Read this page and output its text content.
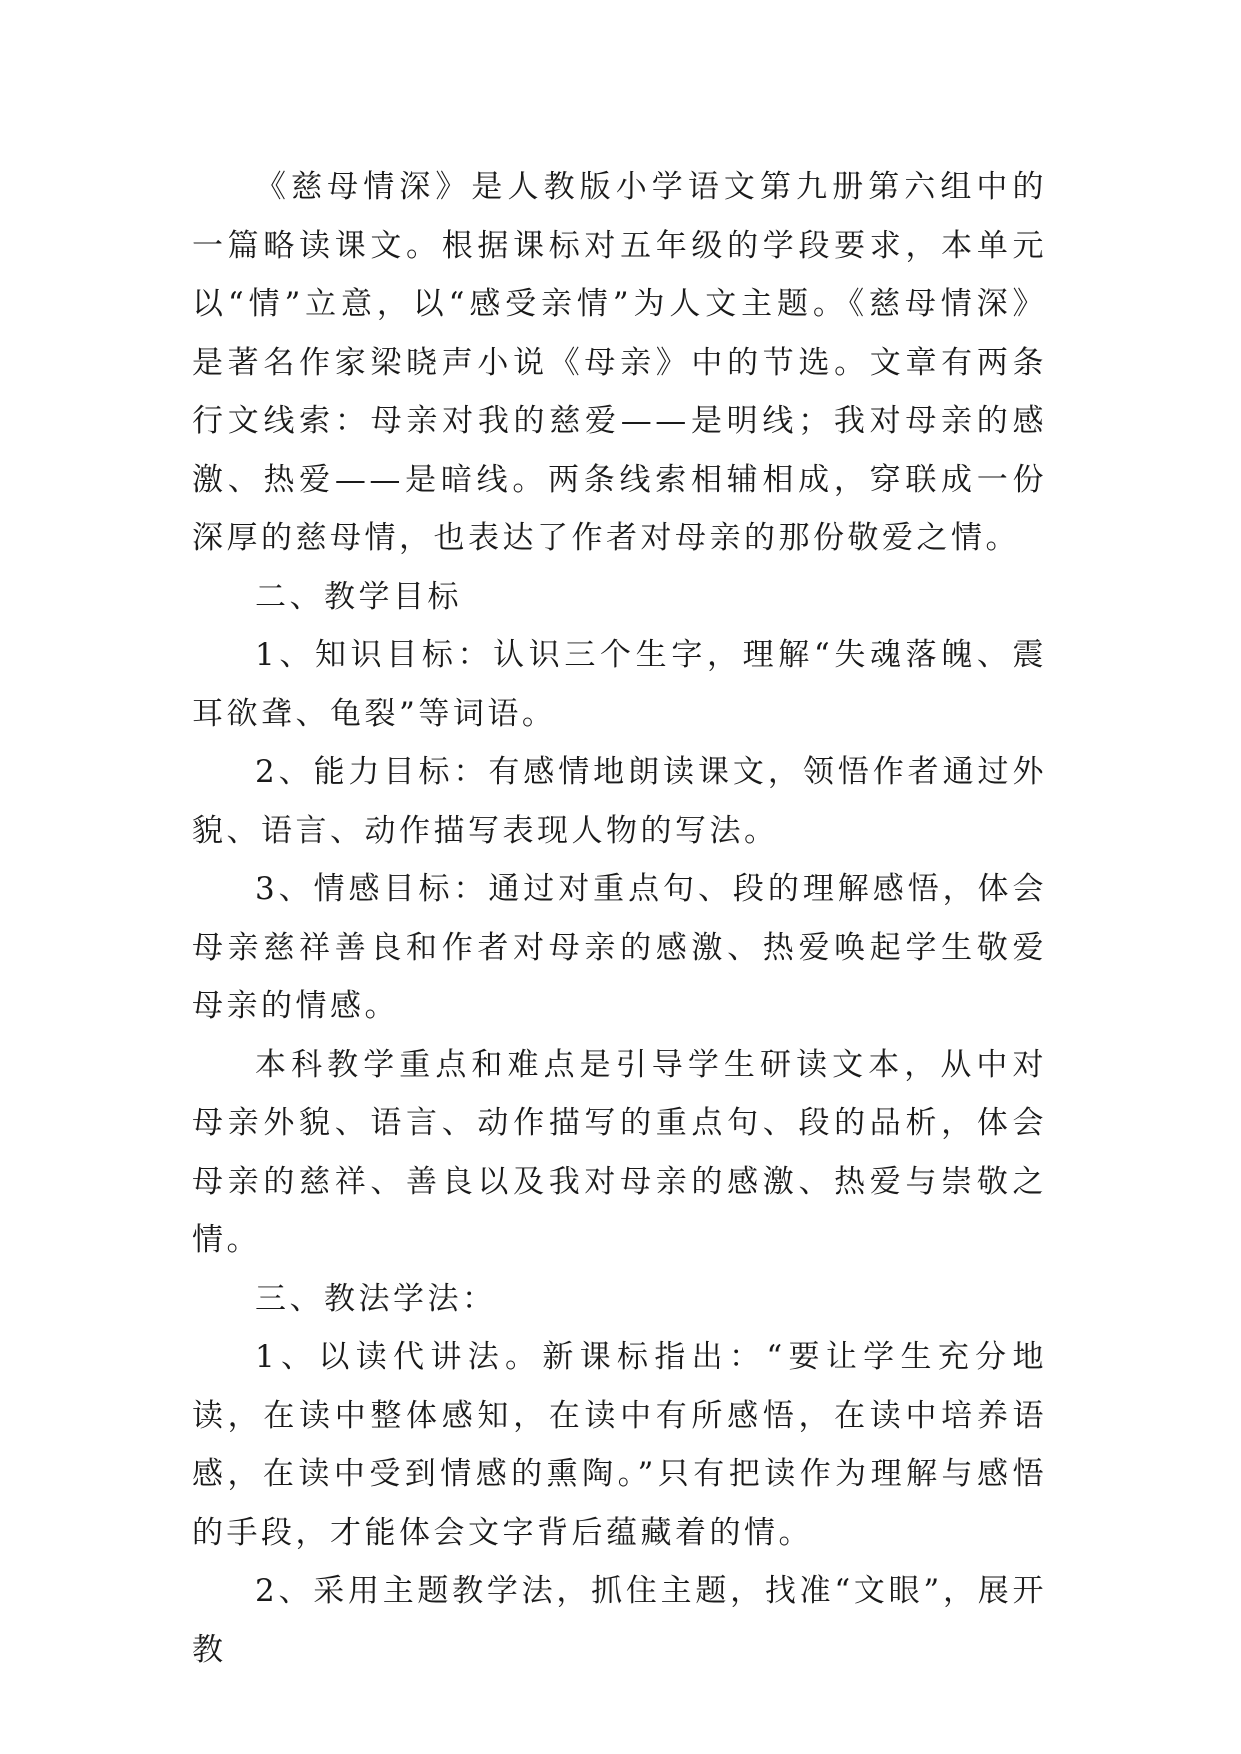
《慈母情深》是人教版小学语文第九册第六组中的一篇略读课文。根据课标对五年级的学段要求，本单元以“情”立意，以“感受亲情”为人文主题。《慈母情深》是著名作家梁晓声小说《母亲》中的节选。文章有两条行文线索：母亲对我的慈爱——是明线；我对母亲的感激、热爱——是暗线。两条线索相辅相成，穿联成一份深厚的慈母情，也表达了作者对母亲的那份敬爱之情。

二、教学目标

1、知识目标：认识三个生字，理解“失魂落魄、震耳欲聋、龟裂”等词语。

2、能力目标：有感情地朗读课文，领悟作者通过外貌、语言、动作描写表现人物的写法。

3、情感目标：通过对重点句、段的理解感悟，体会母亲慈祥善良和作者对母亲的感激、热爱唤起学生敬爱母亲的情感。

本科教学重点和难点是引导学生研读文本，从中对母亲外貌、语言、动作描写的重点句、段的品析，体会母亲的慈祥、善良以及我对母亲的感激、热爱与崇敬之情。

三、教法学法：

1、以读代讲法。新课标指出：“要让学生充分地读，在读中整体感知，在读中有所感悟，在读中培养语感，在读中受到情感的熏陶。”只有把读作为理解与感悟的手段，才能体会文字背后蕴藏着的情。

2、采用主题教学法，抓住主题，找准“文眼”，展开教
